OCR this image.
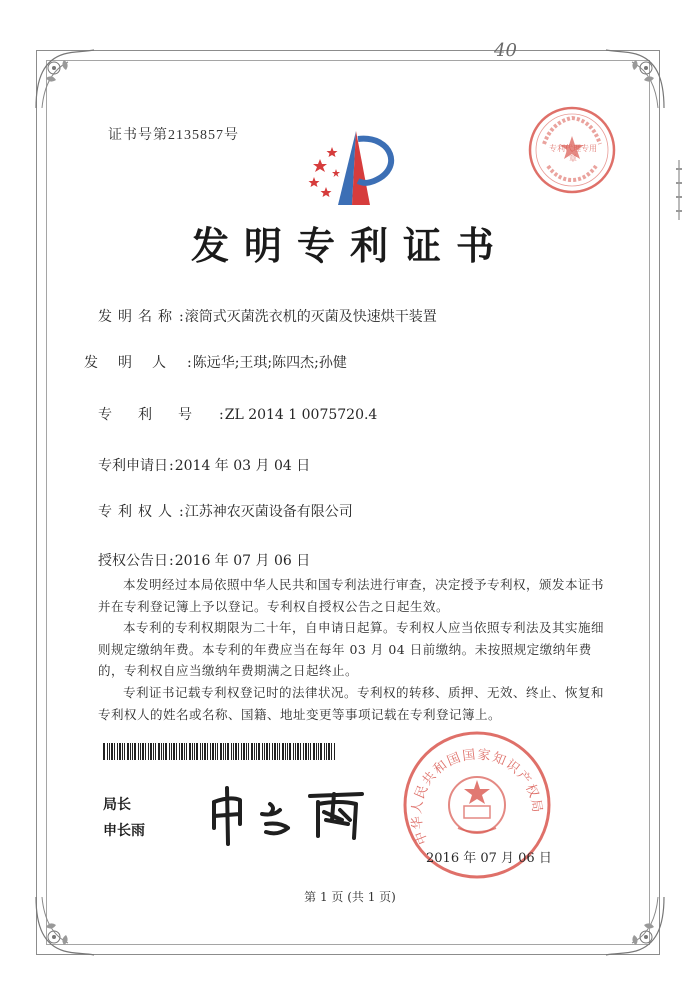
40
证书号第2135857号
专利代理专用章
发明专利证书
发明名称:滚筒式灭菌洗衣机的灭菌及快速烘干装置
发明人:陈远华;王琪;陈四杰;孙健
专利号:ZL 2014 1 0075720.4
专利申请日:2014 年 03 月 04 日
专利权人:江苏神农灭菌设备有限公司
授权公告日:2016 年 07 月 06 日

本发明经过本局依照中华人民共和国专利法进行审查，决定授予专利权，颁发本证书并在专利登记簿上予以登记。专利权自授权公告之日起生效。

本专利的专利权期限为二十年，自申请日起算。专利权人应当依照专利法及其实施细则规定缴纳年费。本专利的年费应当在每年 03 月 04 日前缴纳。未按照规定缴纳年费的，专利权自应当缴纳年费期满之日起终止。

专利证书记载专利权登记时的法律状况。专利权的转移、质押、无效、终止、恢复和专利权人的姓名或名称、国籍、地址变更等事项记载在专利登记簿上。

局长
申长雨	中华人民共和国国家知识产权局
2016 年 07 月 06 日
第 1 页 (共 1 页)
